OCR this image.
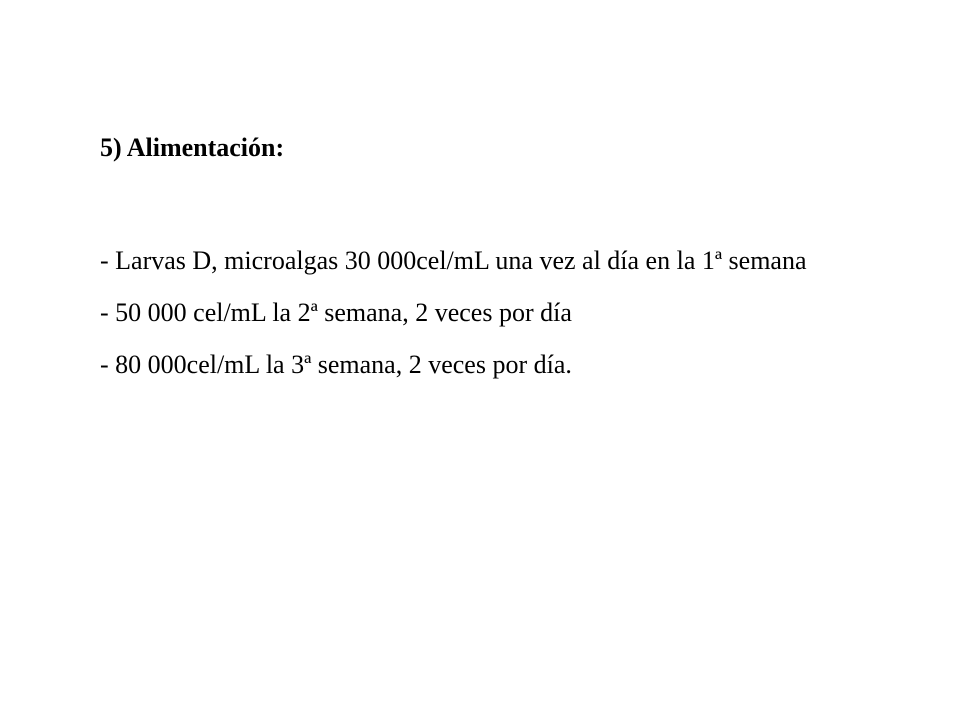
5) Alimentación:
- Larvas D, microalgas 30 000cel/mL una vez al día en la 1ª semana
- 50 000 cel/mL la 2ª semana, 2 veces por día
- 80 000cel/mL la 3ª semana, 2 veces por día.
